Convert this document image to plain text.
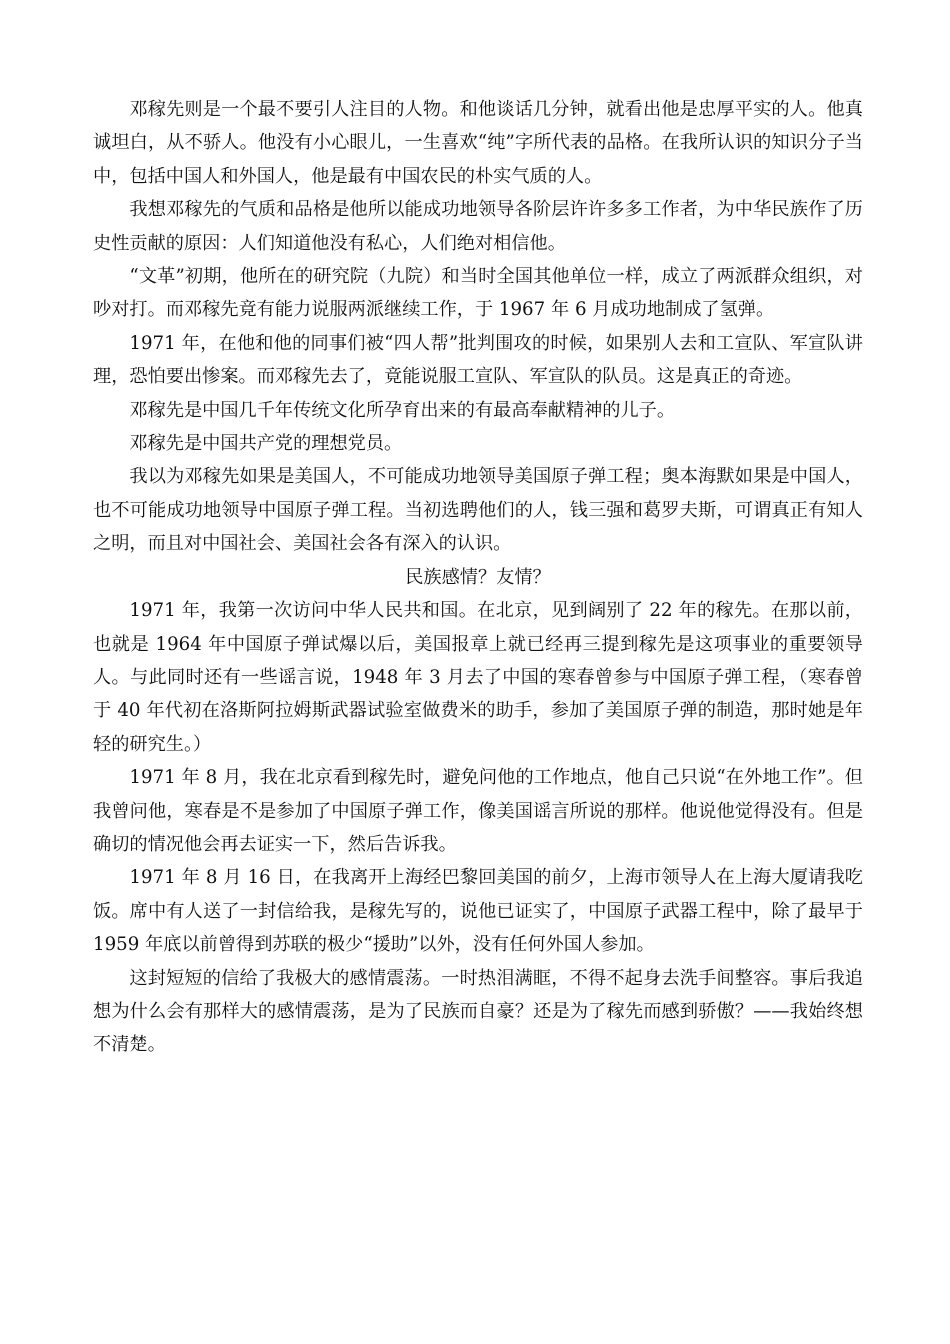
邓稼先则是一个最不要引人注目的人物。和他谈话几分钟，就看出他是忠厚平实的人。他真诚坦白，从不骄人。他没有小心眼儿，一生喜欢“纯”字所代表的品格。在我所认识的知识分子当中，包括中国人和外国人，他是最有中国农民的朴实气质的人。

我想邓稼先的气质和品格是他所以能成功地领导各阶层许许多多工作者，为中华民族作了历史性贡献的原因：人们知道他没有私心，人们绝对相信他。

“文革”初期，他所在的研究院（九院）和当时全国其他单位一样，成立了两派群众组织，对吵对打。而邓稼先竟有能力说服两派继续工作，于 1967 年 6 月成功地制成了氢弹。

1971 年，在他和他的同事们被“四人帮”批判围攻的时候，如果别人去和工宣队、军宣队讲理，恐怕要出惨案。而邓稼先去了，竟能说服工宣队、军宣队的队员。这是真正的奇迹。

邓稼先是中国几千年传统文化所孕育出来的有最高奉献精神的儿子。

邓稼先是中国共产党的理想党员。

我以为邓稼先如果是美国人，不可能成功地领导美国原子弹工程；奥本海默如果是中国人，也不可能成功地领导中国原子弹工程。当初选聘他们的人，钱三强和葛罗夫斯，可谓真正有知人之明，而且对中国社会、美国社会各有深入的认识。

民族感情？友情？

1971 年，我第一次访问中华人民共和国。在北京，见到阔别了 22 年的稼先。在那以前，也就是 1964 年中国原子弹试爆以后，美国报章上就已经再三提到稼先是这项事业的重要领导人。与此同时还有一些谣言说，1948 年 3 月去了中国的寒春曾参与中国原子弹工程，（寒春曾于 40 年代初在洛斯阿拉姆斯武器试验室做费米的助手，参加了美国原子弹的制造，那时她是年轻的研究生。）

1971 年 8 月，我在北京看到稼先时，避免问他的工作地点，他自己只说“在外地工作”。但我曾问他，寒春是不是参加了中国原子弹工作，像美国谣言所说的那样。他说他觉得没有。但是确切的情况他会再去证实一下，然后告诉我。

1971 年 8 月 16 日，在我离开上海经巴黎回美国的前夕，上海市领导人在上海大厦请我吃饭。席中有人送了一封信给我，是稼先写的，说他已证实了，中国原子武器工程中，除了最早于 1959 年底以前曾得到苏联的极少“援助”以外，没有任何外国人参加。

这封短短的信给了我极大的感情震荡。一时热泪满眶，不得不起身去洗手间整容。事后我追想为什么会有那样大的感情震荡，是为了民族而自豪？还是为了稼先而感到骄傲？——我始终想不清楚。
